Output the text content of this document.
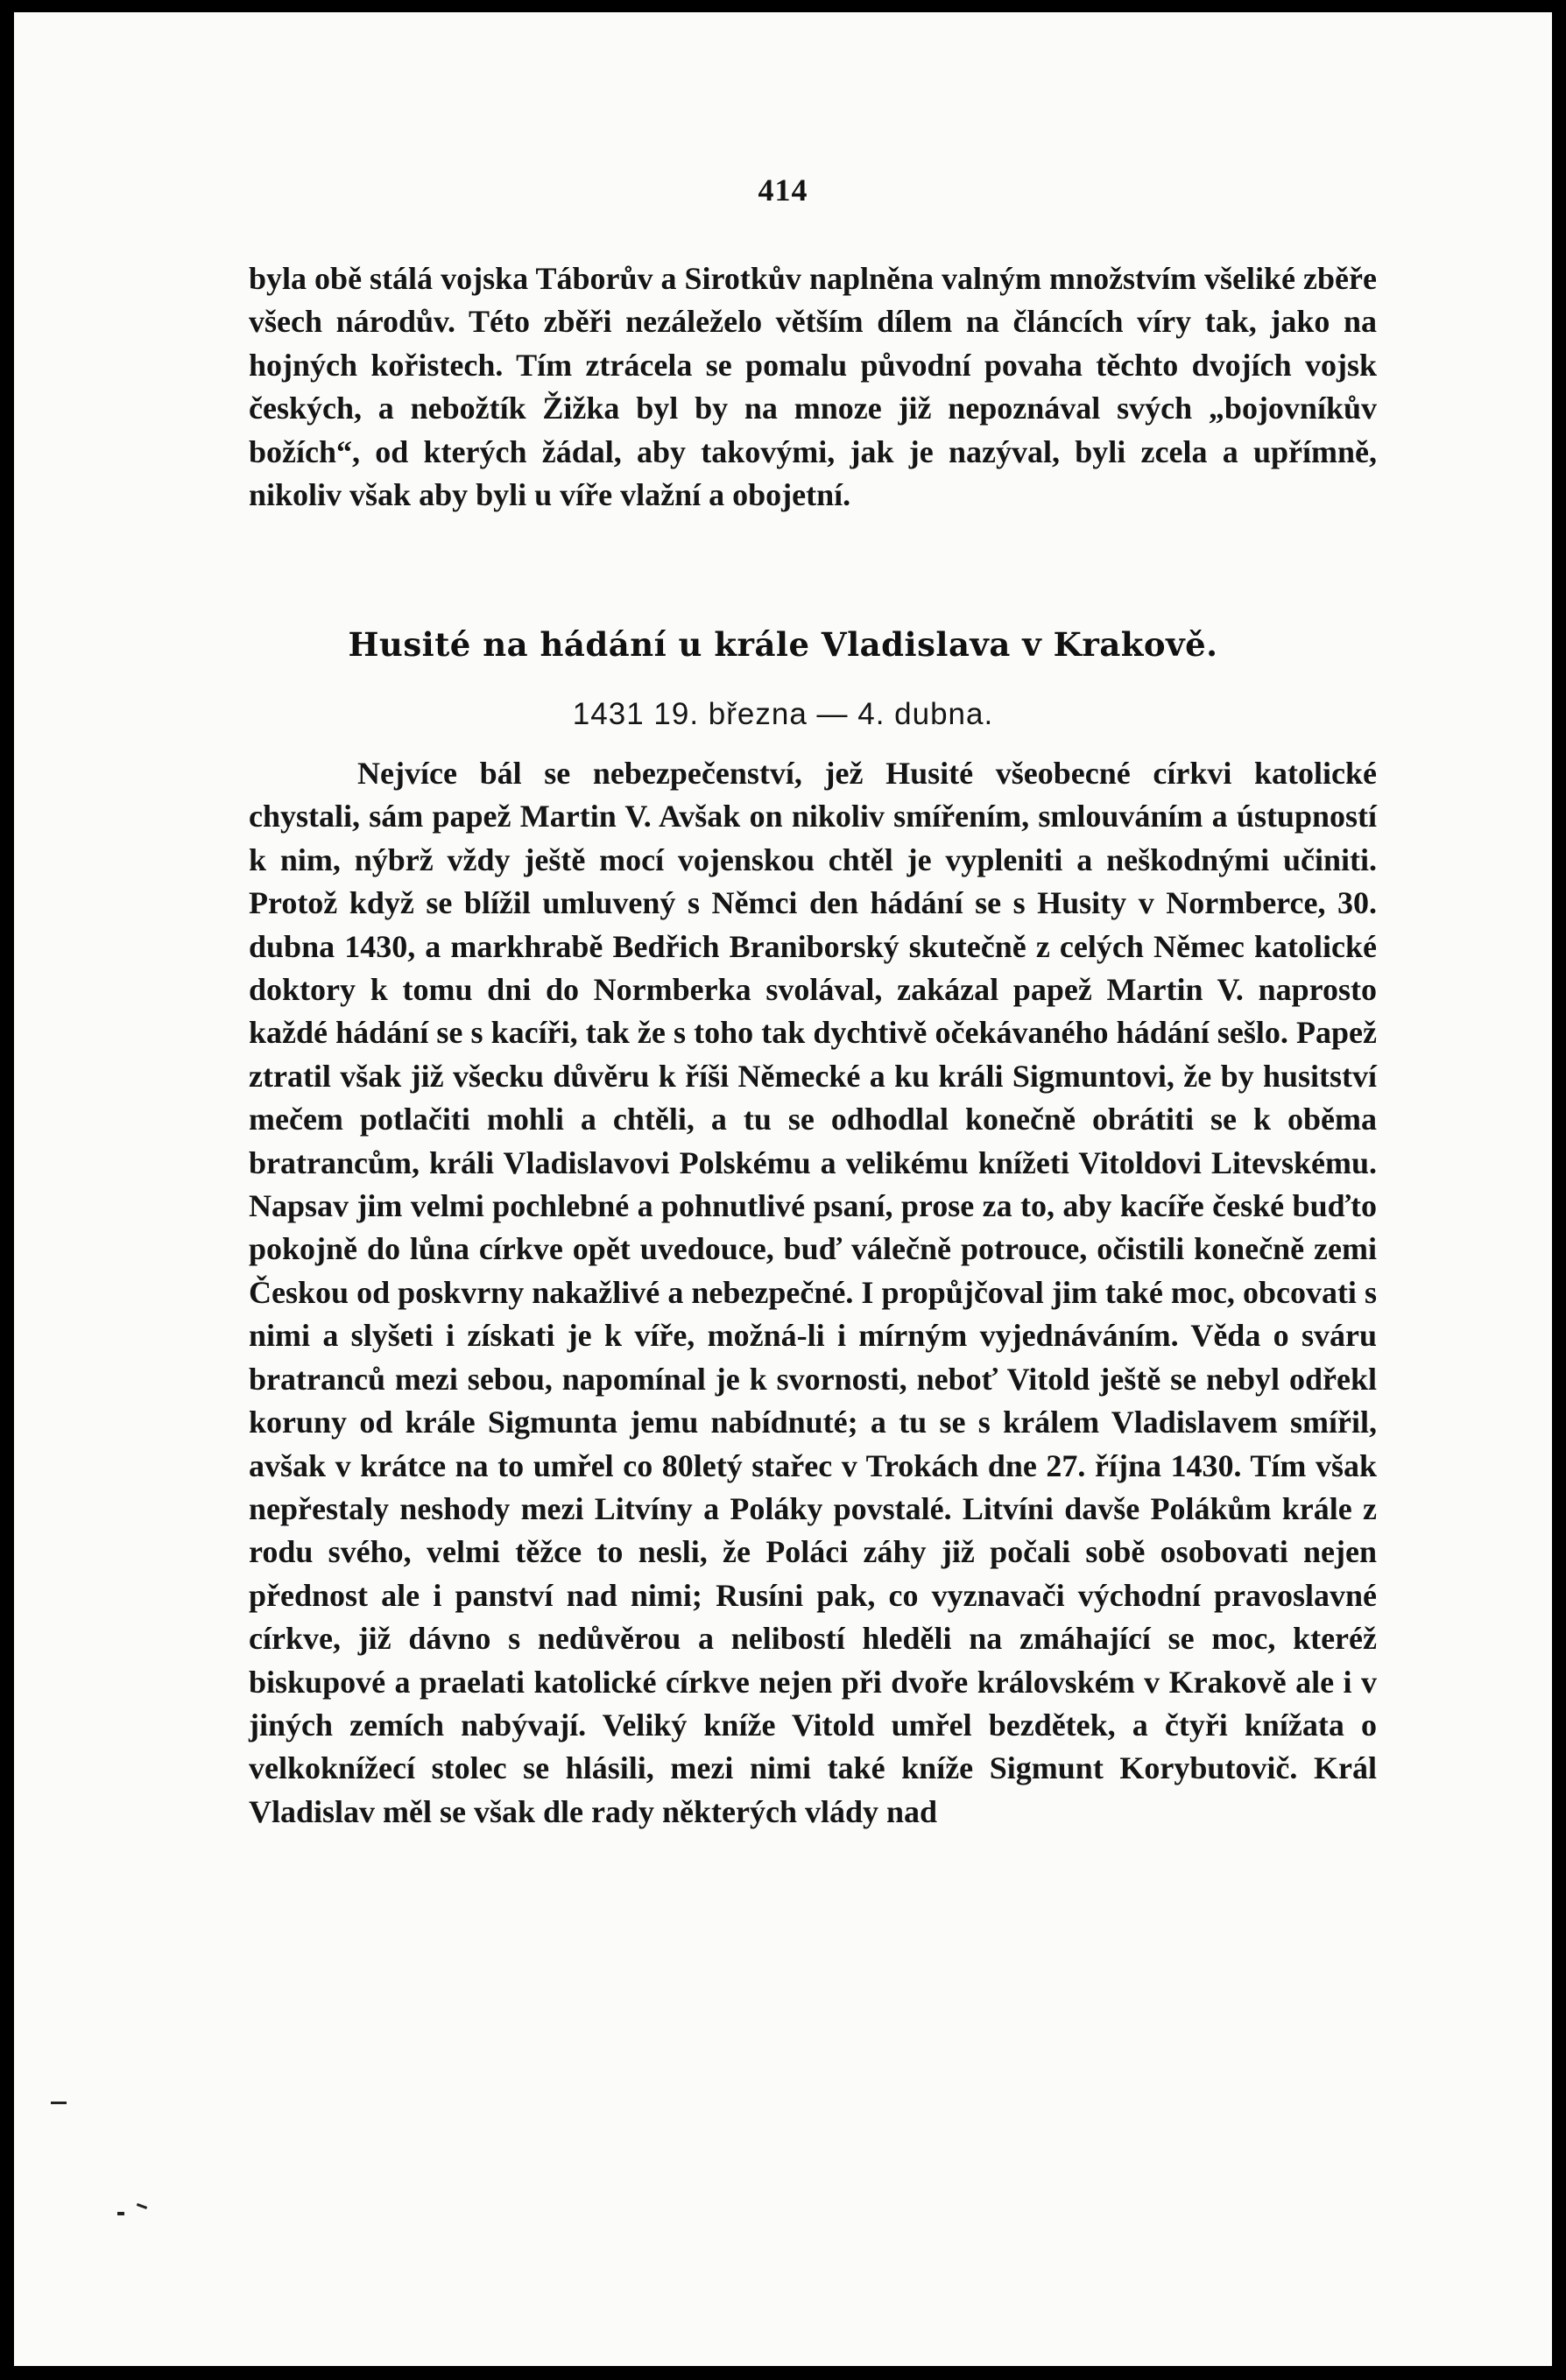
414
byla obě stálá vojska Táborův a Sirotkův naplněna valným množstvím všeliké zběře všech národův. Této zběři nezáleželo větším dílem na článcích víry tak, jako na hojných kořistech. Tím ztrácela se pomalu původní povaha těchto dvojích vojsk českých, a nebožtík Žižka byl by na mnoze již nepoznával svých „bojovníkův božích“, od kterých žádal, aby takovými, jak je nazýval, byli zcela a upřímně, nikoliv však aby byli u víře vlažní a obojetní.
Husité na hádání u krále Vladislava v Krakově.
1431 19. března — 4. dubna.
Nejvíce bál se nebezpečenství, jež Husité všeobecné církvi katolické chystali, sám papež Martin V. Avšak on nikoliv smířením, smlouváním a ústupností k nim, nýbrž vždy ještě mocí vojenskou chtěl je vypleniti a neškodnými učiniti. Protož když se blížil umluvený s Němci den hádání se s Husity v Normberce, 30. dubna 1430, a markhrabě Bedřich Braniborský skutečně z celých Němec katolické doktory k tomu dni do Normberka svolával, zakázal papež Martin V. naprosto každé hádání se s kacíři, tak že s toho tak dychtivě očekávaného hádání sešlo. Papež ztratil však již všecku důvěru k říši Německé a ku králi Sigmuntovi, že by husitství mečem potlačiti mohli a chtěli, a tu se odhodlal konečně obrátiti se k oběma bratrancům, králi Vladislavovi Polskému a velikému knížeti Vitoldovi Litevskému. Napsav jim velmi pochlebné a pohnutlivé psaní, prose za to, aby kacíře české buďto pokojně do lůna církve opět uvedouce, buď válečně potrouce, očistili konečně zemi Českou od poskvrny nakažlivé a nebezpečné. I propůjčoval jim také moc, obcovati s nimi a slyšeti i získati je k víře, možná-li i mírným vyjednáváním. Věda o sváru bratranců mezi sebou, napomínal je k svornosti, neboť Vitold ještě se nebyl odřekl koruny od krále Sigmunta jemu nabídnuté; a tu se s králem Vladislavem smířil, avšak v krátce na to umřel co 80letý stařec v Trokách dne 27. října 1430. Tím však nepřestaly neshody mezi Litvíny a Poláky povstalé. Litvíni davše Polákům krále z rodu svého, velmi těžce to nesli, že Poláci záhy již počali sobě osobovati nejen přednost ale i panství nad nimi; Rusíni pak, co vyznavači východní pravoslavné církve, již dávno s nedůvěrou a nelibostí hleděli na zmáhající se moc, kteréž biskupové a praelati katolické církve nejen při dvoře královském v Krakově ale i v jiných zemích nabývají. Veliký kníže Vitold umřel bezdětek, a čtyři knížata o velkoknížecí stolec se hlásili, mezi nimi také kníže Sigmunt Korybutovič. Král Vladislav měl se však dle rady některých vlády nad
